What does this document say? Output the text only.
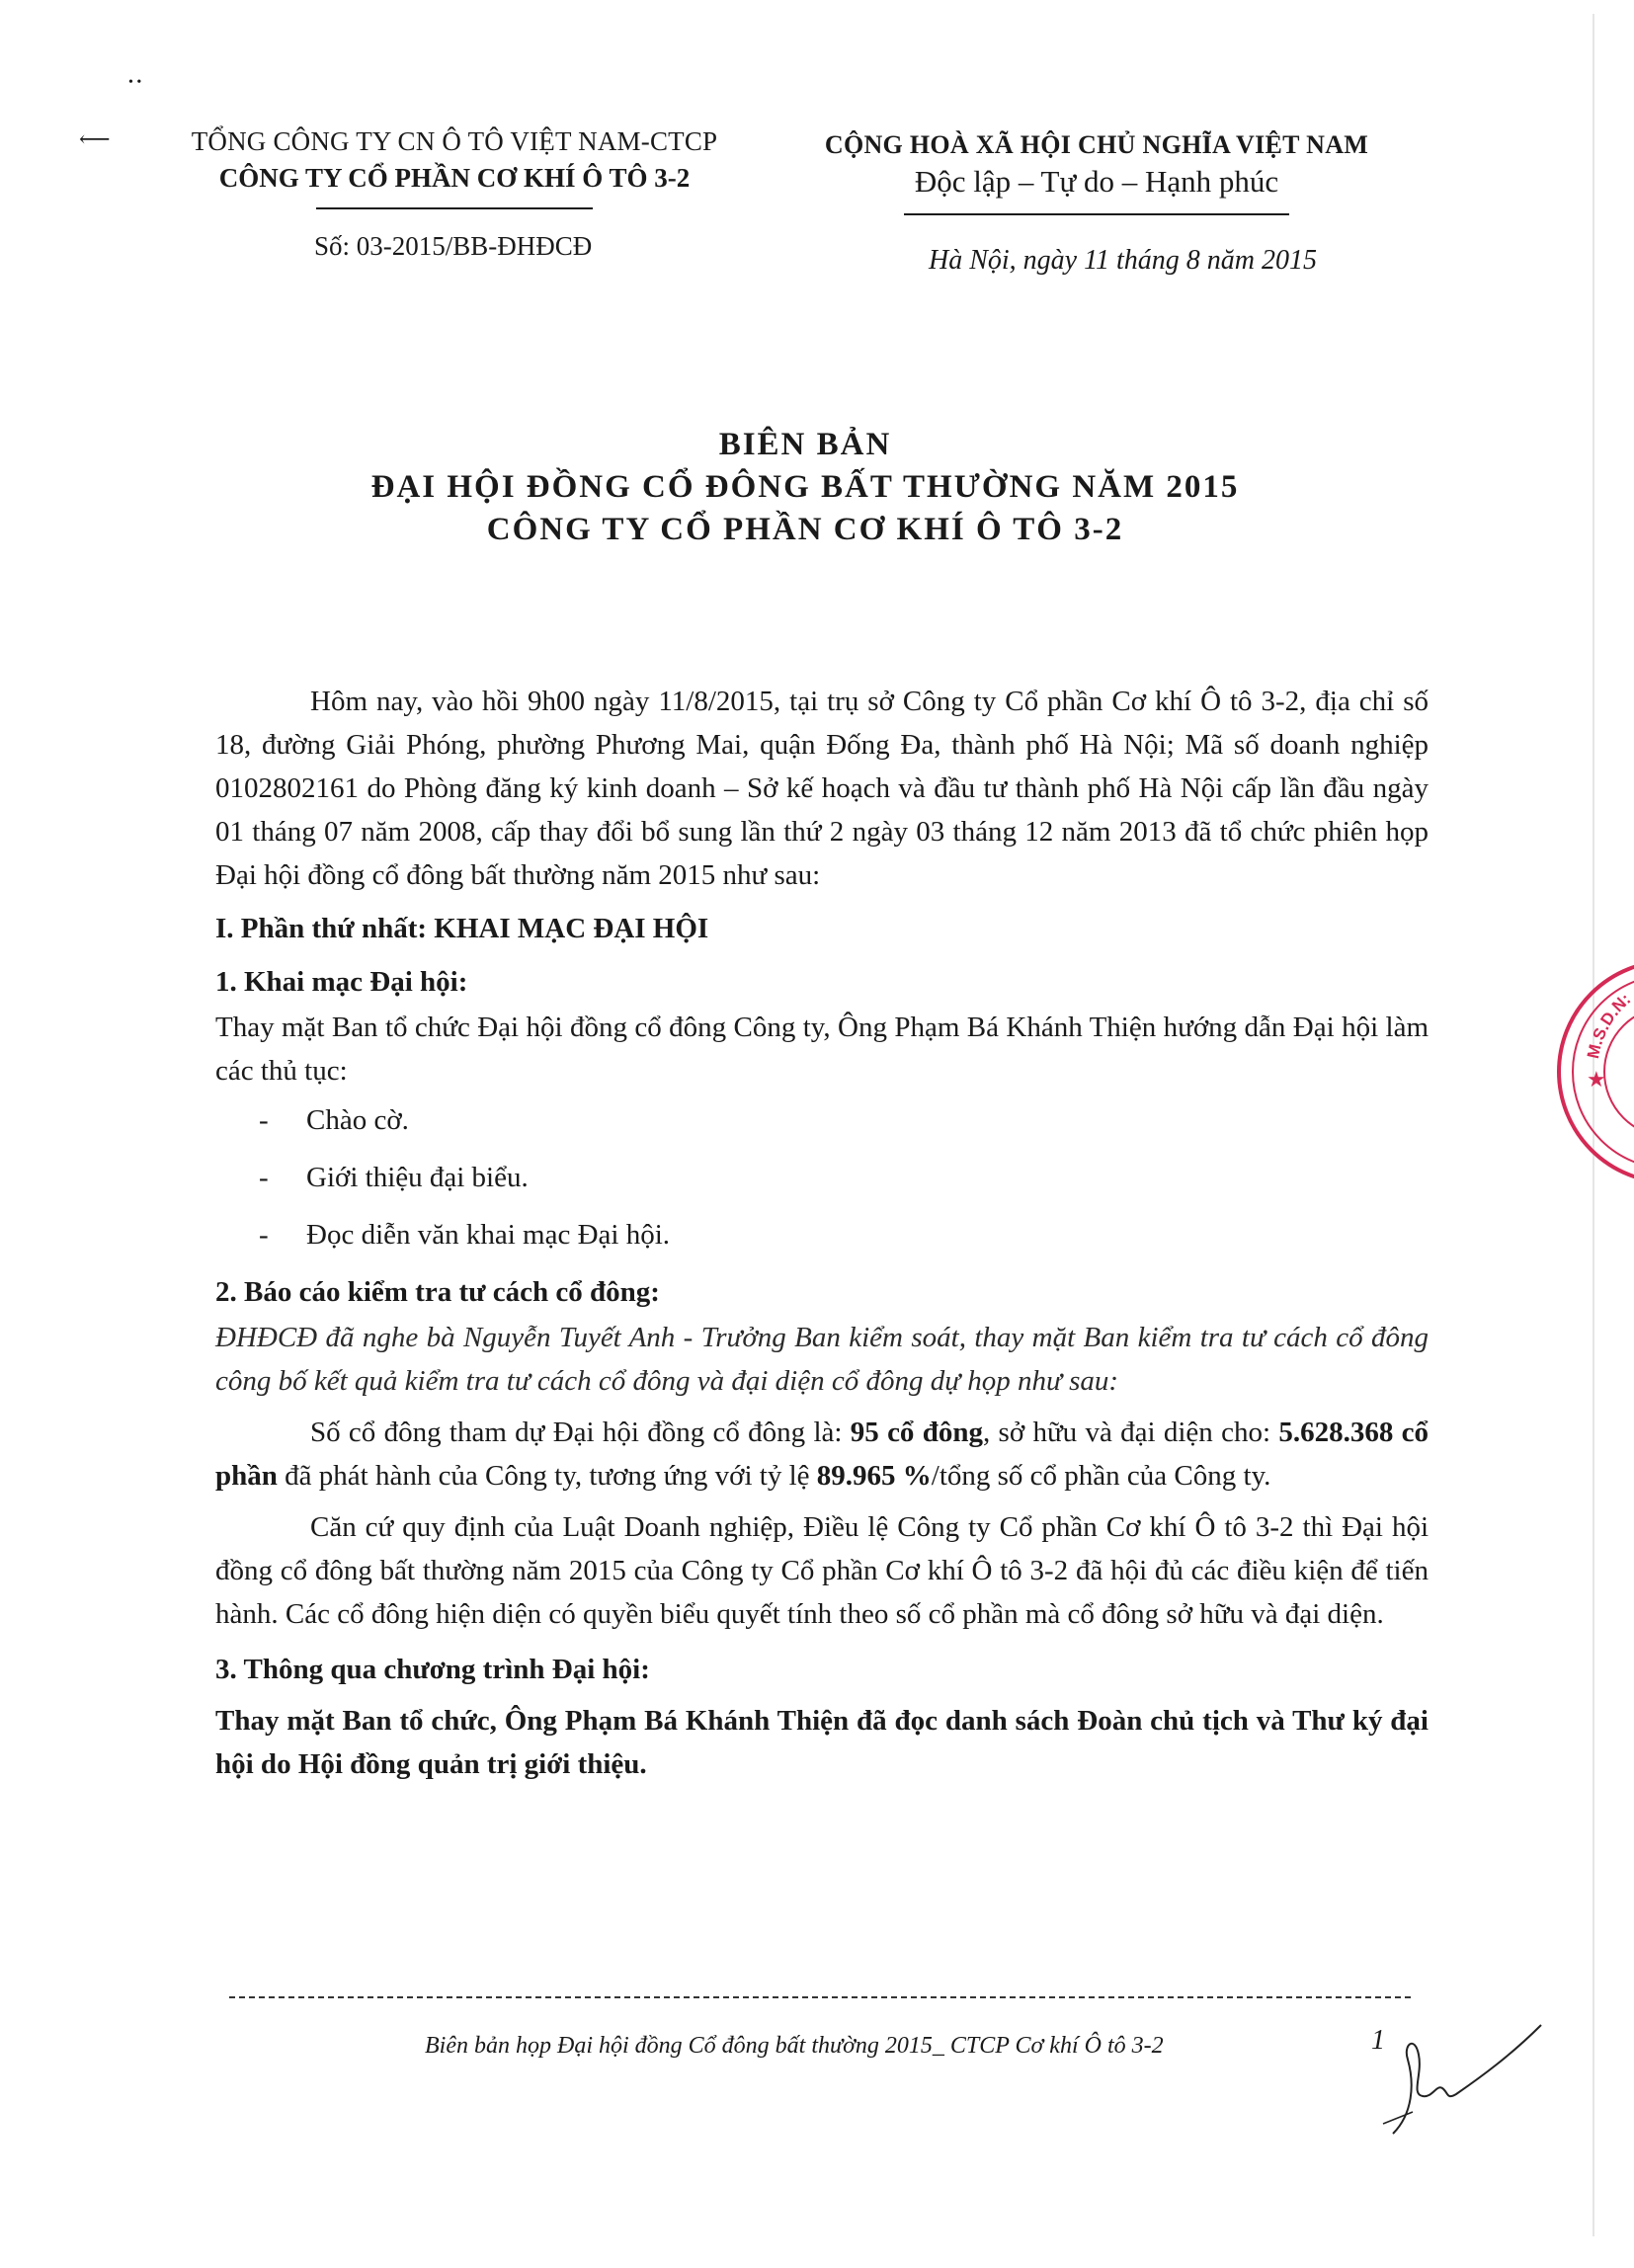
⟵
• •
TỔNG CÔNG TY CN Ô TÔ VIỆT NAM-CTCP
CÔNG TY CỔ PHẦN CƠ KHÍ Ô TÔ 3-2
Số: 03-2015/BB-ĐHĐCĐ
CỘNG HOÀ XÃ HỘI CHỦ NGHĨA VIỆT NAM
Độc lập – Tự do – Hạnh phúc
Hà Nội, ngày 11 tháng 8 năm 2015
BIÊN BẢN
ĐẠI HỘI ĐỒNG CỔ ĐÔNG BẤT THƯỜNG NĂM 2015
CÔNG TY CỔ PHẦN CƠ KHÍ Ô TÔ 3-2

Hôm nay, vào hồi 9h00 ngày 11/8/2015, tại trụ sở Công ty Cổ phần Cơ khí Ô tô 3-2, địa chỉ số 18, đường Giải Phóng, phường Phương Mai, quận Đống Đa, thành phố Hà Nội; Mã số doanh nghiệp 0102802161 do Phòng đăng ký kinh doanh – Sở kế hoạch và đầu tư thành phố Hà Nội cấp lần đầu ngày 01 tháng 07 năm 2008, cấp thay đổi bổ sung lần thứ 2 ngày 03 tháng 12 năm 2013 đã tổ chức phiên họp Đại hội đồng cổ đông bất thường năm 2015 như sau:

I. Phần thứ nhất: KHAI MẠC ĐẠI HỘI
1. Khai mạc Đại hội:

Thay mặt Ban tổ chức Đại hội đồng cổ đông Công ty, Ông Phạm Bá Khánh Thiện hướng dẫn Đại hội làm các thủ tục:

- Chào cờ.
- Giới thiệu đại biểu.
- Đọc diễn văn khai mạc Đại hội.
2. Báo cáo kiểm tra tư cách cổ đông:

ĐHĐCĐ đã nghe bà Nguyễn Tuyết Anh - Trưởng Ban kiểm soát, thay mặt Ban kiểm tra tư cách cổ đông công bố kết quả kiểm tra tư cách cổ đông và đại diện cổ đông dự họp như sau:

Số cổ đông tham dự Đại hội đồng cổ đông là: 95 cổ đông, sở hữu và đại diện cho: 5.628.368 cổ phần đã phát hành của Công ty, tương ứng với tỷ lệ 89.965 %/tổng số cổ phần của Công ty.

Căn cứ quy định của Luật Doanh nghiệp, Điều lệ Công ty Cổ phần Cơ khí Ô tô 3-2 thì Đại hội đồng cổ đông bất thường năm 2015 của Công ty Cổ phần Cơ khí Ô tô 3-2 đã hội đủ các điều kiện để tiến hành. Các cổ đông hiện diện có quyền biểu quyết tính theo số cổ phần mà cổ đông sở hữu và đại diện.

3. Thông qua chương trình Đại hội:

Thay mặt Ban tổ chức, Ông Phạm Bá Khánh Thiện đã đọc danh sách Đoàn chủ tịch và Thư ký đại hội do Hội đồng quản trị giới thiệu.

Biên bản họp Đại hội đồng Cổ đông bất thường 2015_ CTCP Cơ khí Ô tô 3-2	1
M.S.D.N:
★
